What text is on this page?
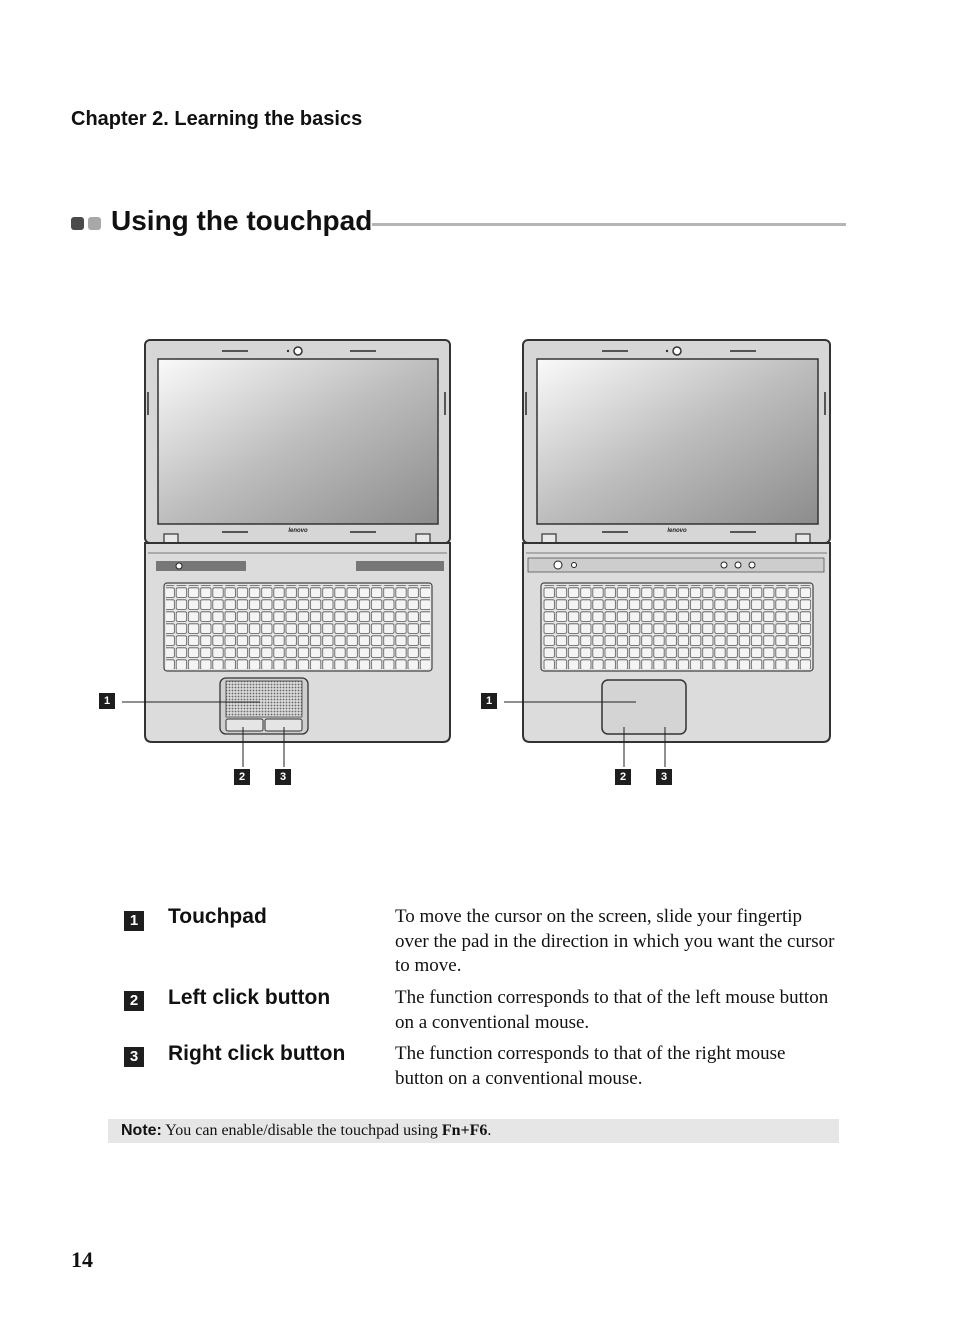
Chapter 2. Learning the basics
Using the touchpad
lenovo
1
2	3
lenovo
1
2	3
1 Touchpad	To move the cursor on the screen, slide your fingertip over the pad in the direction in which you want the cursor to move.
2 Left click button	The function corresponds to that of the left mouse button on a conventional mouse.
3 Right click button	The function corresponds to that of the right mouse button on a conventional mouse.
Note: You can enable/disable the touchpad using Fn+F6.
14
